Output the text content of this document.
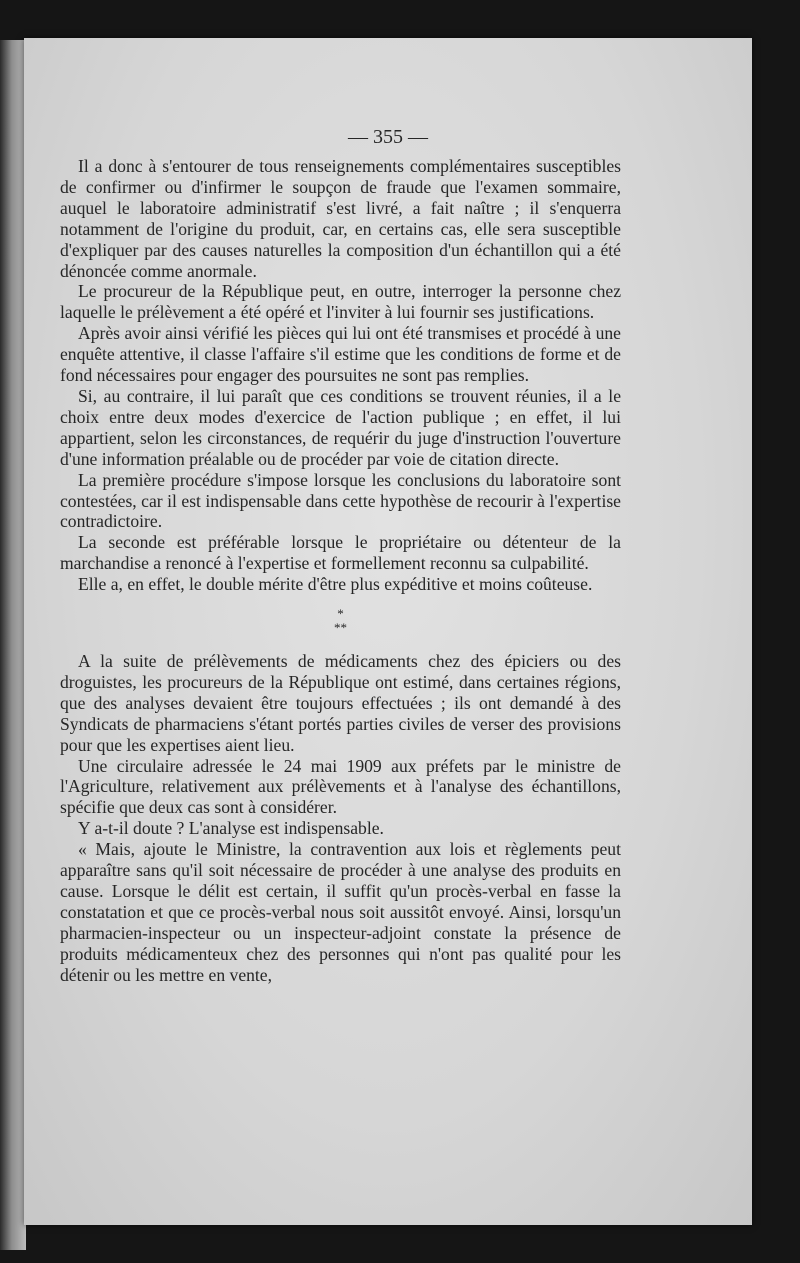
— 355 —

Il a donc à s'entourer de tous renseignements complémentaires susceptibles de confirmer ou d'infirmer le soupçon de fraude que l'examen sommaire, auquel le laboratoire administratif s'est livré, a fait naître ; il s'enquerra notamment de l'origine du produit, car, en certains cas, elle sera susceptible d'expliquer par des causes naturelles la composition d'un échantillon qui a été dénoncée comme anormale.

Le procureur de la République peut, en outre, interroger la personne chez laquelle le prélèvement a été opéré et l'inviter à lui fournir ses justifications.

Après avoir ainsi vérifié les pièces qui lui ont été transmises et procédé à une enquête attentive, il classe l'affaire s'il estime que les conditions de forme et de fond nécessaires pour engager des poursuites ne sont pas remplies.

Si, au contraire, il lui paraît que ces conditions se trouvent réunies, il a le choix entre deux modes d'exercice de l'action publique ; en effet, il lui appartient, selon les circonstances, de requérir du juge d'instruction l'ouverture d'une information préalable ou de procéder par voie de citation directe.

La première procédure s'impose lorsque les conclusions du laboratoire sont contestées, car il est indispensable dans cette hypothèse de recourir à l'expertise contradictoire.

La seconde est préférable lorsque le propriétaire ou détenteur de la marchandise a renoncé à l'expertise et formellement reconnu sa culpabilité.

Elle a, en effet, le double mérite d'être plus expéditive et moins coûteuse.

*
**

A la suite de prélèvements de médicaments chez des épiciers ou des droguistes, les procureurs de la République ont estimé, dans certaines régions, que des analyses devaient être toujours effectuées ; ils ont demandé à des Syndicats de pharmaciens s'étant portés parties civiles de verser des provisions pour que les expertises aient lieu.

Une circulaire adressée le 24 mai 1909 aux préfets par le ministre de l'Agriculture, relativement aux prélèvements et à l'analyse des échantillons, spécifie que deux cas sont à considérer.

Y a-t-il doute ? L'analyse est indispensable.

« Mais, ajoute le Ministre, la contravention aux lois et règlements peut apparaître sans qu'il soit nécessaire de procéder à une analyse des produits en cause. Lorsque le délit est certain, il suffit qu'un procès-verbal en fasse la constatation et que ce procès-verbal nous soit aussitôt envoyé. Ainsi, lorsqu'un pharmacien-inspecteur ou un inspecteur-adjoint constate la présence de produits médicamenteux chez des personnes qui n'ont pas qualité pour les détenir ou les mettre en vente,
